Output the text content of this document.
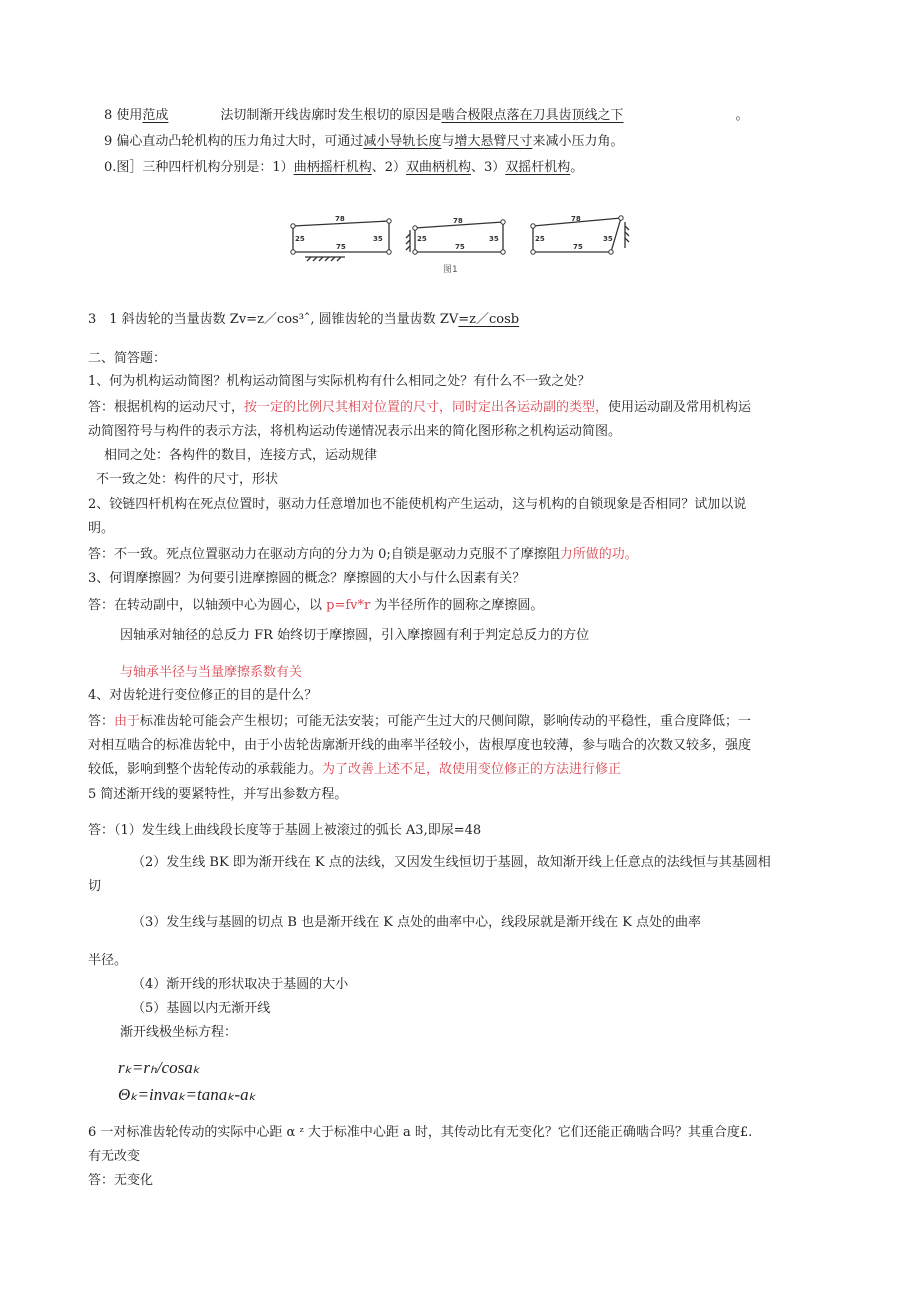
8 使用范成	法切制渐开线齿廓时发生根切的原因是啮合极限点落在刀具齿顶线之下	。
9 偏心直动凸轮机构的压力角过大时，可通过减小导轨长度与增大悬臂尺寸来减小压力角。
0.图］三种四杆机构分别是：1）曲柄摇杆机构、2）双曲柄机构、3）双摇杆机构。
78
75
25	35
78
75
25	35
78
75
25	35
图1
3　1 斜齿轮的当量齿数 Zv=z／cos³ˆ, 圆锥齿轮的当量齿数 ZV=z／cosb
二、简答题：
1、何为机构运动简图？机构运动简图与实际机构有什么相同之处？有什么不一致之处？
答：根据机构的运动尺寸，按一定的比例尺其相对位置的尺寸，同时定出各运动副的类型，使用运动副及常用机构运
动简图符号与构件的表示方法，将机构运动传递情况表示出来的简化图形称之机构运动简图。
相同之处：各构件的数目，连接方式，运动规律
不一致之处：构件的尺寸，形状
2、铰链四杆机构在死点位置时，驱动力任意增加也不能使机构产生运动，这与机构的自锁现象是否相同？试加以说
明。
答：不一致。死点位置驱动力在驱动方向的分力为 0;自锁是驱动力克服不了摩擦阻力所做的功。
3、何谓摩擦圆？为何要引进摩擦圆的概念？摩擦圆的大小与什么因素有关？
答：在转动副中，以轴颈中心为圆心，以 p=fv*r 为半径所作的圆称之摩擦圆。
因轴承对轴径的总反力 FR 始终切于摩擦圆，引入摩擦圆有利于判定总反力的方位
与轴承半径与当量摩擦系数有关
4、对齿轮进行变位修正的目的是什么？
答：由于标准齿轮可能会产生根切；可能无法安装；可能产生过大的尺侧间隙，影响传动的平稳性，重合度降低；一
对相互啮合的标准齿轮中，由于小齿轮齿廓渐开线的曲率半径较小，齿根厚度也较薄，参与啮合的次数又较多，强度
较低，影响到整个齿轮传动的承载能力。为了改善上述不足，故使用变位修正的方法进行修正
5 简述渐开线的要紧特性，并写出参数方程。
答：（1）发生线上曲线段长度等于基圆上被滚过的弧长 A3,即尿=48
（2）发生线 BK 即为渐开线在 K 点的法线，又因发生线恒切于基圆，故知渐开线上任意点的法线恒与其基圆相
切
（3）发生线与基圆的切点 B 也是渐开线在 K 点处的曲率中心，线段尿就是渐开线在 K 点处的曲率
半径。
（4）渐开线的形状取决于基圆的大小
（5）基圆以内无渐开线
渐开线极坐标方程：
rₖ=rₕ/cosaₖ
Θₖ=invaₖ=tanaₖ-aₖ
6 一对标准齿轮传动的实际中心距 α ᶻ 大于标准中心距 a 时，其传动比有无变化？它们还能正确啮合吗？其重合度£.
有无改变
答：无变化
